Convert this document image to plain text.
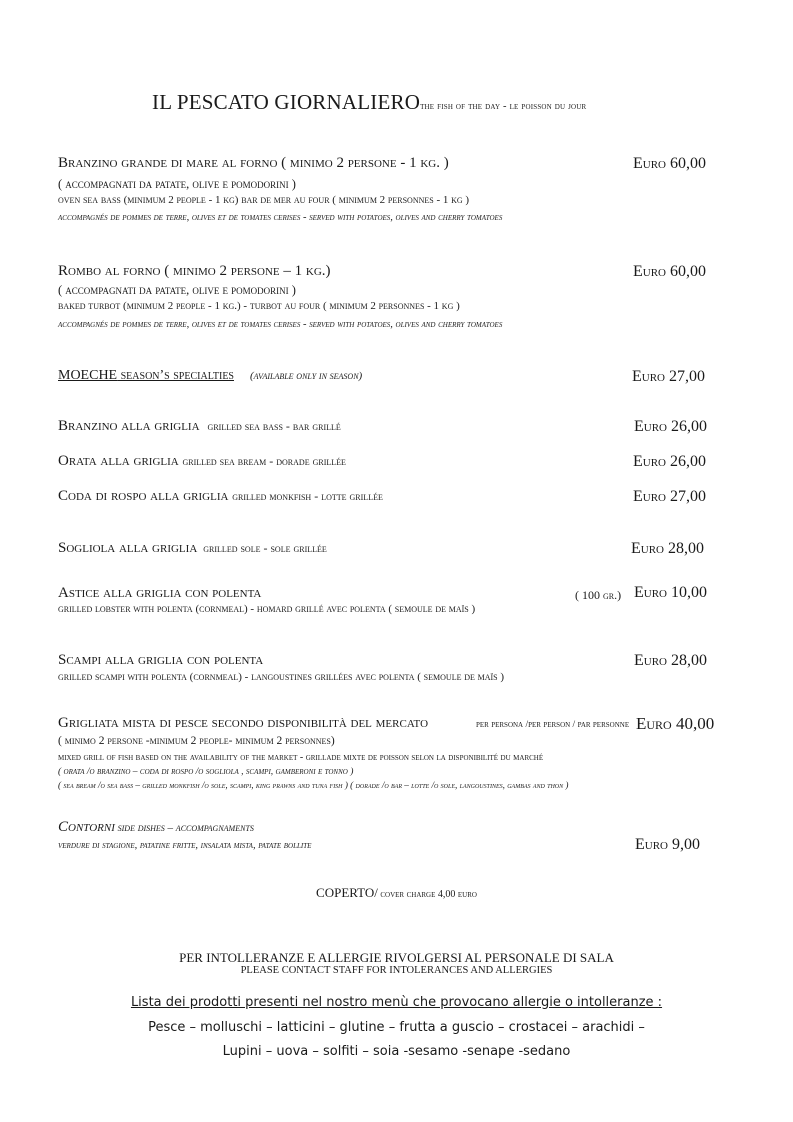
IL PESCATO GIORNALIEROthe fish of the day - le poisson du jour
Branzino grande di mare al forno ( minimo 2 persone - 1 kg. )
( accompagnati da patate, olive e pomodorini )
oven sea bass (minimum 2 people - 1 kg) bar de mer au four ( minimum 2 personnes - 1 kg )
accompagnés de pommes de terre, olives et de tomates cerises - served with potatoes, olives and cherry tomatoes
Euro 60,00
Rombo al forno ( minimo 2 persone – 1 kg.)
( accompagnati da patate, olive e pomodorini )
baked turbot (minimum 2 people - 1 kg.) - turbot au four ( minimum 2 personnes - 1 kg )
accompagnés de pommes de terre, olives et de tomates cerises - served with potatoes, olives and cherry tomatoes
Euro 60,00
MOECHE season’s specialties (available only in season)	Euro 27,00
Branzino alla griglia grilled sea bass - bar grillé	Euro 26,00
Orata alla griglia grilled sea bream - dorade grillée	Euro 26,00
Coda di rospo alla griglia grilled monkfish - lotte grillée	Euro 27,00
Sogliola alla griglia grilled sole - sole grillée	Euro 28,00
Astice alla griglia con polenta
grilled lobster with polenta (cornmeal) - homard grillé avec polenta ( semoule de maïs )
( 100 gr.) Euro 10,00
Scampi alla griglia con polenta
grilled scampi with polenta (cornmeal) - langoustines grillées avec polenta ( semoule de maïs )
Euro 28,00
Grigliata mista di pesce secondo disponibilità del mercato	per persona /per person / par personne Euro 40,00
( minimo 2 persone -minimum 2 people- minimum 2 personnes)
mixed grill of fish based on the availability of the market - grillade mixte de poisson selon la disponibilité du marché
( orata /o branzino – coda di rospo /o sogliola , scampi, gamberoni e tonno )
( sea bream /o sea bass – grilled monkfish /o sole, scampi, king prawns and tuna fish ) ( dorade /o bar – lotte /o sole, langoustines, gambas and thon )
Contorni side dishes – accompagnaments
verdure di stagione, patatine fritte, insalata mista, patate bollite	Euro 9,00
COPERTO/ cover charge 4,00 euro
PER INTOLLERANZE E ALLERGIE RIVOLGERSI AL PERSONALE DI SALA
PLEASE CONTACT STAFF FOR INTOLERANCES AND ALLERGIES
Lista dei prodotti presenti nel nostro menù che provocano allergie o intolleranze :
Pesce – molluschi – latticini – glutine – frutta a guscio – crostacei – arachidi –
Lupini – uova – solfiti – soia -sesamo -senape -sedano
